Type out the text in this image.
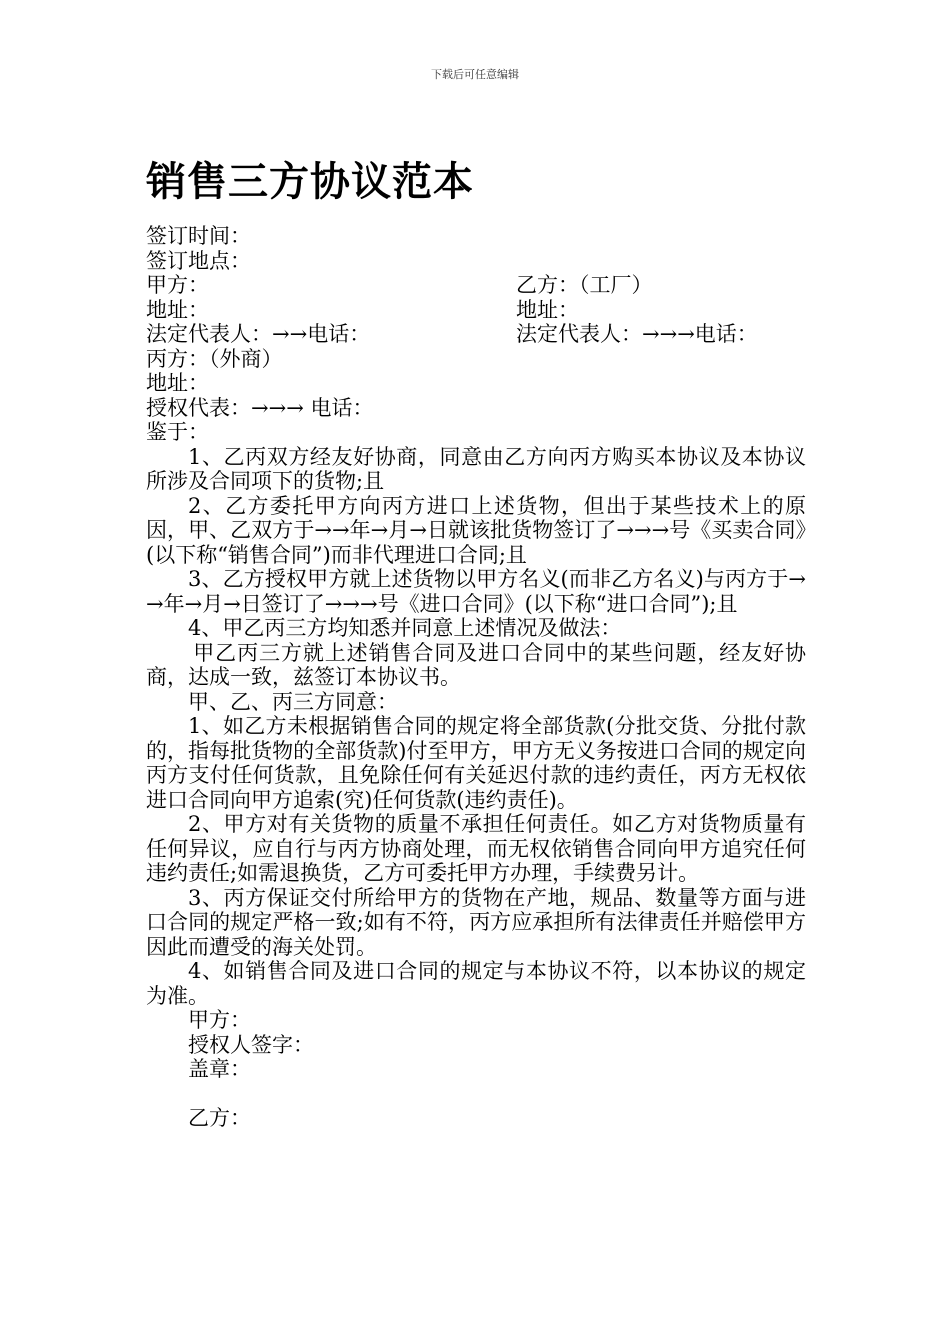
下载后可任意编辑
销售三方协议范本
签订时间：
签订地点：
甲方：	乙方：（工厂）
地址：	地址：
法定代表人：→→电话：	法定代表人：→→→电话：
丙方：（外商）
地址：
授权代表：→→→ 电话：
鉴于：
1、乙丙双方经友好协商，同意由乙方向丙方购买本协议及本协议所涉及合同项下的货物;且
2、乙方委托甲方向丙方进口上述货物，但出于某些技术上的原因，甲、乙双方于→→年→月→日就该批货物签订了→→→号《买卖合同》(以下称“销售合同”)而非代理进口合同;且
3、乙方授权甲方就上述货物以甲方名义(而非乙方名义)与丙方于→→年→月→日签订了→→→号《进口合同》(以下称“进口合同”);且
4、甲乙丙三方均知悉并同意上述情况及做法：
甲乙丙三方就上述销售合同及进口合同中的某些问题，经友好协商，达成一致，兹签订本协议书。
甲、乙、丙三方同意：
1、如乙方未根据销售合同的规定将全部货款(分批交货、分批付款的，指每批货物的全部货款)付至甲方，甲方无义务按进口合同的规定向丙方支付任何货款，且免除任何有关延迟付款的违约责任，丙方无权依进口合同向甲方追索(究)任何货款(违约责任)。
2、甲方对有关货物的质量不承担任何责任。如乙方对货物质量有任何异议，应自行与丙方协商处理，而无权依销售合同向甲方追究任何违约责任;如需退换货，乙方可委托甲方办理，手续费另计。
3、丙方保证交付所给甲方的货物在产地，规品、数量等方面与进口合同的规定严格一致;如有不符，丙方应承担所有法律责任并赔偿甲方因此而遭受的海关处罚。
4、如销售合同及进口合同的规定与本协议不符，以本协议的规定为准。
甲方：
授权人签字：
盖章：
乙方：
